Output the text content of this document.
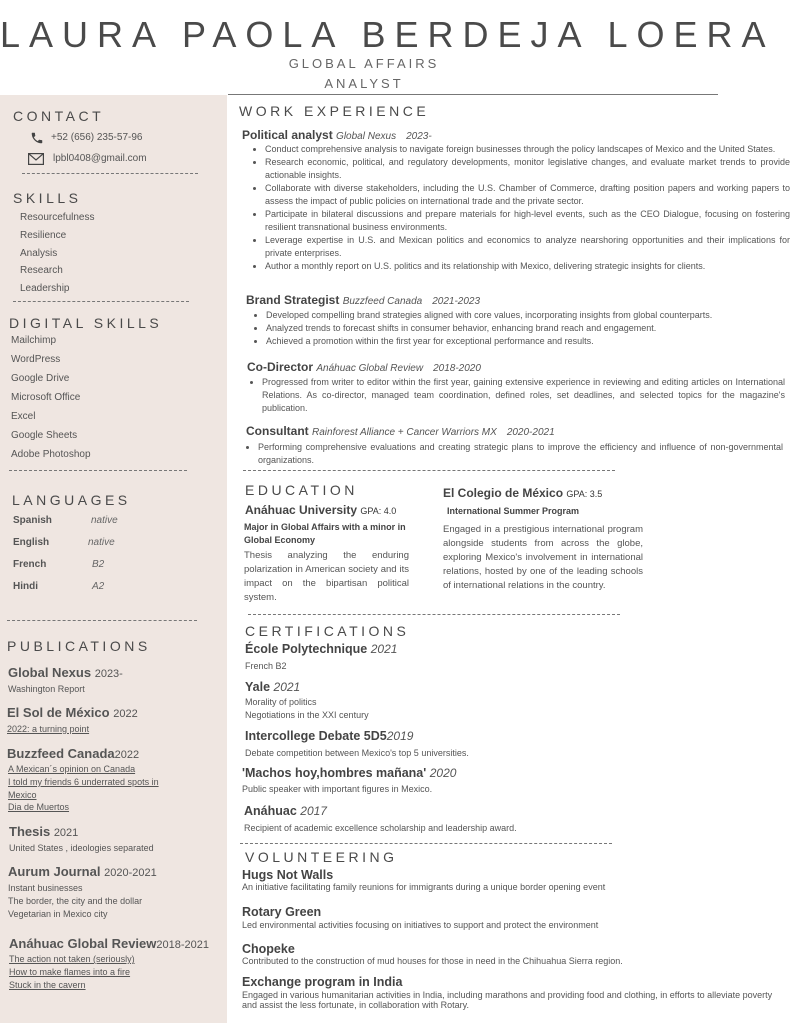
LAURA PAOLA BERDEJA LOERA
GLOBAL AFFAIRS
ANALYST
CONTACT
+52 (656) 235-57-96
lpbl0408@gmail.com
SKILLS
Resourcefulness
Resilience
Analysis
Research
Leadership
DIGITAL SKILLS
Mailchimp
WordPress
Google Drive
Microsoft Office
Excel
Google Sheets
Adobe Photoshop
LANGUAGES
Spanish	native
English	native
French	B2
Hindi	A2
PUBLICATIONS
Global Nexus 2023-
Washington Report
El Sol de México 2022
2022: a turning point
Buzzfeed Canada2022
A Mexican´s opinion on Canada
I told my friends 6 underrated spots in
Mexico
Dia de Muertos
Thesis 2021
United States , ideologies separated
Aurum Journal 2020-2021
Instant businesses
The border, the city and the dollar
Vegetarian in Mexico city
Anáhuac Global Review2018-2021
The action not taken (seriously)
How to make flames into a fire
Stuck in the cavern
WORK EXPERIENCE
Political analyst Global Nexus 2023-
• Conduct comprehensive analysis to navigate foreign businesses through the policy landscapes of Mexico and the United States.
• Research economic, political, and regulatory developments, monitor legislative changes, and evaluate market trends to provide actionable insights.
• Collaborate with diverse stakeholders, including the U.S. Chamber of Commerce, drafting position papers and working papers to assess the impact of public policies on international trade and the private sector.
• Participate in bilateral discussions and prepare materials for high-level events, such as the CEO Dialogue, focusing on fostering resilient transnational business environments.
• Leverage expertise in U.S. and Mexican politics and economics to analyze nearshoring opportunities and their implications for private enterprises.
• Author a monthly report on U.S. politics and its relationship with Mexico, delivering strategic insights for clients.
Brand Strategist Buzzfeed Canada 2021-2023
• Developed compelling brand strategies aligned with core values, incorporating insights from global counterparts.
• Analyzed trends to forecast shifts in consumer behavior, enhancing brand reach and engagement.
• Achieved a promotion within the first year for exceptional performance and results.
Co-Director Anáhuac Global Review 2018-2020
• Progressed from writer to editor within the first year, gaining extensive experience in reviewing and editing articles on International Relations. As co-director, managed team coordination, defined roles, set deadlines, and selected topics for the magazine's publication.
Consultant Rainforest Alliance + Cancer Warriors MX 2020-2021
• Performing comprehensive evaluations and creating strategic plans to improve the efficiency and influence of non-governmental organizations.
EDUCATION
Anáhuac University GPA: 4.0
Major in Global Affairs with a minor in Global Economy
Thesis analyzing the enduring polarization in American society and its impact on the bipartisan political system.
El Colegio de México GPA: 3.5
International Summer Program
Engaged in a prestigious international program alongside students from across the globe, exploring Mexico's involvement in international relations, hosted by one of the leading schools of international relations in the country.
CERTIFICATIONS
École Polytechnique 2021
French B2
Yale 2021
Morality of politics
Negotiations in the XXI century
Intercollege Debate 5D52019
Debate competition between Mexico's top 5 universities.
'Machos hoy,hombres mañana' 2020
Public speaker with important figures in Mexico.
Anáhuac 2017
Recipient of academic excellence scholarship and leadership award.
VOLUNTEERING
Hugs Not Walls
An initiative facilitating family reunions for immigrants during a unique border opening event
Rotary Green
Led environmental activities focusing on initiatives to support and protect the environment
Chopeke
Contributed to the construction of mud houses for those in need in the Chihuahua Sierra region.
Exchange program in India
Engaged in various humanitarian activities in India, including marathons and providing food and clothing, in efforts to alleviate poverty and assist the less fortunate, in collaboration with Rotary.
